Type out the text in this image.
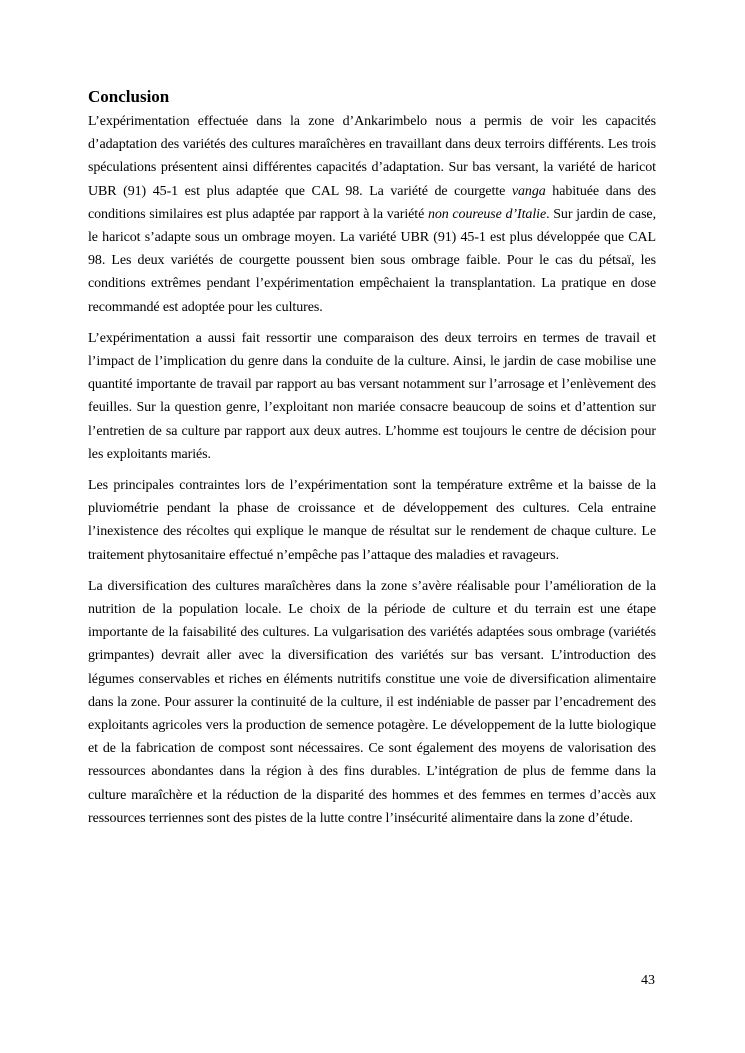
Conclusion

L’expérimentation effectuée dans la zone d’Ankarimbelo nous a permis de voir les capacités d’adaptation des variétés des cultures maraîchères en travaillant dans deux terroirs différents. Les trois spéculations présentent ainsi différentes capacités d’adaptation. Sur bas versant, la variété de haricot UBR (91) 45-1 est plus adaptée que CAL 98. La variété de courgette vanga habituée dans des conditions similaires est plus adaptée par rapport à la variété non coureuse d’Italie. Sur jardin de case, le haricot s’adapte sous un ombrage moyen. La variété UBR (91) 45-1 est plus développée que CAL 98. Les deux variétés de courgette poussent bien sous ombrage faible. Pour le cas du pétsaï, les conditions extrêmes pendant l’expérimentation empêchaient la transplantation. La pratique en dose recommandé est adoptée pour les cultures.

L’expérimentation a aussi fait ressortir une comparaison des deux terroirs en termes de travail et l’impact de l’implication du genre dans la conduite de la culture. Ainsi, le jardin de case mobilise une quantité importante de travail par rapport au bas versant notamment sur l’arrosage et l’enlèvement des feuilles. Sur la question genre, l’exploitant non mariée consacre beaucoup de soins et d’attention sur l’entretien de sa culture par rapport aux deux autres. L’homme est toujours le centre de décision pour les exploitants mariés.

Les principales contraintes lors de l’expérimentation sont la température extrême et la baisse de la pluviométrie pendant la phase de croissance et de développement des cultures. Cela entraine l’inexistence des récoltes qui explique le manque de résultat sur le rendement de chaque culture. Le traitement phytosanitaire effectué n’empêche pas l’attaque des maladies et ravageurs.

La diversification des cultures maraîchères dans la zone s’avère réalisable pour l’amélioration de la nutrition de la population locale. Le choix de la période de culture et du terrain est une étape importante de la faisabilité des cultures. La vulgarisation des variétés adaptées sous ombrage (variétés grimpantes) devrait aller avec la diversification des variétés sur bas versant. L’introduction des légumes conservables et riches en éléments nutritifs constitue une voie de diversification alimentaire dans la zone. Pour assurer la continuité de la culture, il est indéniable de passer par l’encadrement des exploitants agricoles vers la production de semence potagère. Le développement de la lutte biologique et de la fabrication de compost sont nécessaires. Ce sont également des moyens de valorisation des ressources abondantes dans la région à des fins durables. L’intégration de plus de femme dans la culture maraîchère et la réduction de la disparité des hommes et des femmes en termes d’accès aux ressources terriennes sont des pistes de la lutte contre l’insécurité alimentaire dans la zone d’étude.

43
